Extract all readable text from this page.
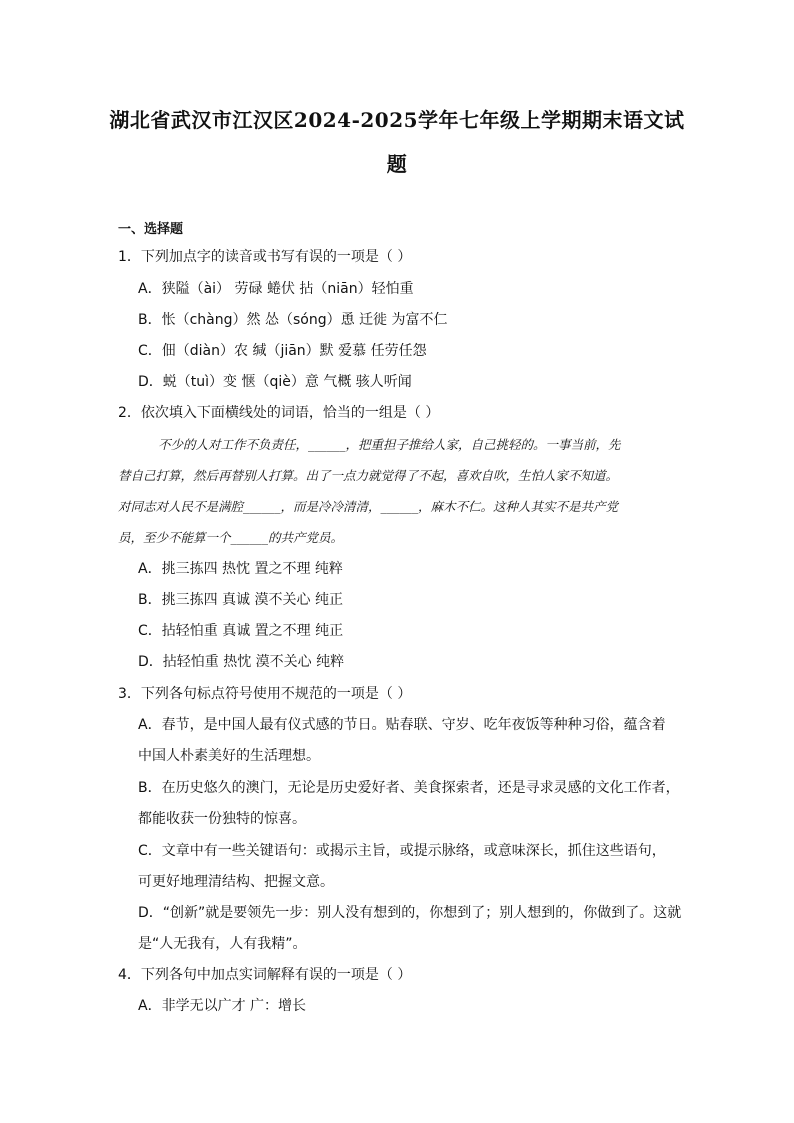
湖北省武汉市江汉区2024-2025学年七年级上学期期末语文试
题
一、选择题
1．下列加点字的读音或书写有误的一项是（ ）
A．狭隘（ài） 劳碌 蜷伏 拈（niān）轻怕重
B．怅（chàng）然 怂（sóng）恿 迁徙 为富不仁
C．佃（diàn）农 缄（jiān）默 爱慕 任劳任怨
D．蜕（tuì）变 惬（qiè）意 气概 骇人听闻
2．依次填入下面横线处的词语，恰当的一组是（ ）
不少的人对工作不负责任，______，把重担子推给人家，自己挑轻的。一事当前，先
替自己打算，然后再替别人打算。出了一点力就觉得了不起，喜欢自吹，生怕人家不知道。
对同志对人民不是满腔______，而是冷冷清清，______，麻木不仁。这种人其实不是共产党
员，至少不能算一个______的共产党员。
A．挑三拣四 热忱 置之不理 纯粹
B．挑三拣四 真诚 漠不关心 纯正
C．拈轻怕重 真诚 置之不理 纯正
D．拈轻怕重 热忱 漠不关心 纯粹
3．下列各句标点符号使用不规范的一项是（ ）
A．春节，是中国人最有仪式感的节日。贴春联、守岁、吃年夜饭等种种习俗，蕴含着
中国人朴素美好的生活理想。
B．在历史悠久的澳门，无论是历史爱好者、美食探索者，还是寻求灵感的文化工作者，
都能收获一份独特的惊喜。
C．文章中有一些关键语句：或揭示主旨，或提示脉络，或意味深长，抓住这些语句，
可更好地理清结构、把握文意。
D．“创新”就是要领先一步：别人没有想到的，你想到了；别人想到的，你做到了。这就
是“人无我有，人有我精”。
4．下列各句中加点实词解释有误的一项是（ ）
A．非学无以广才 广：增长
